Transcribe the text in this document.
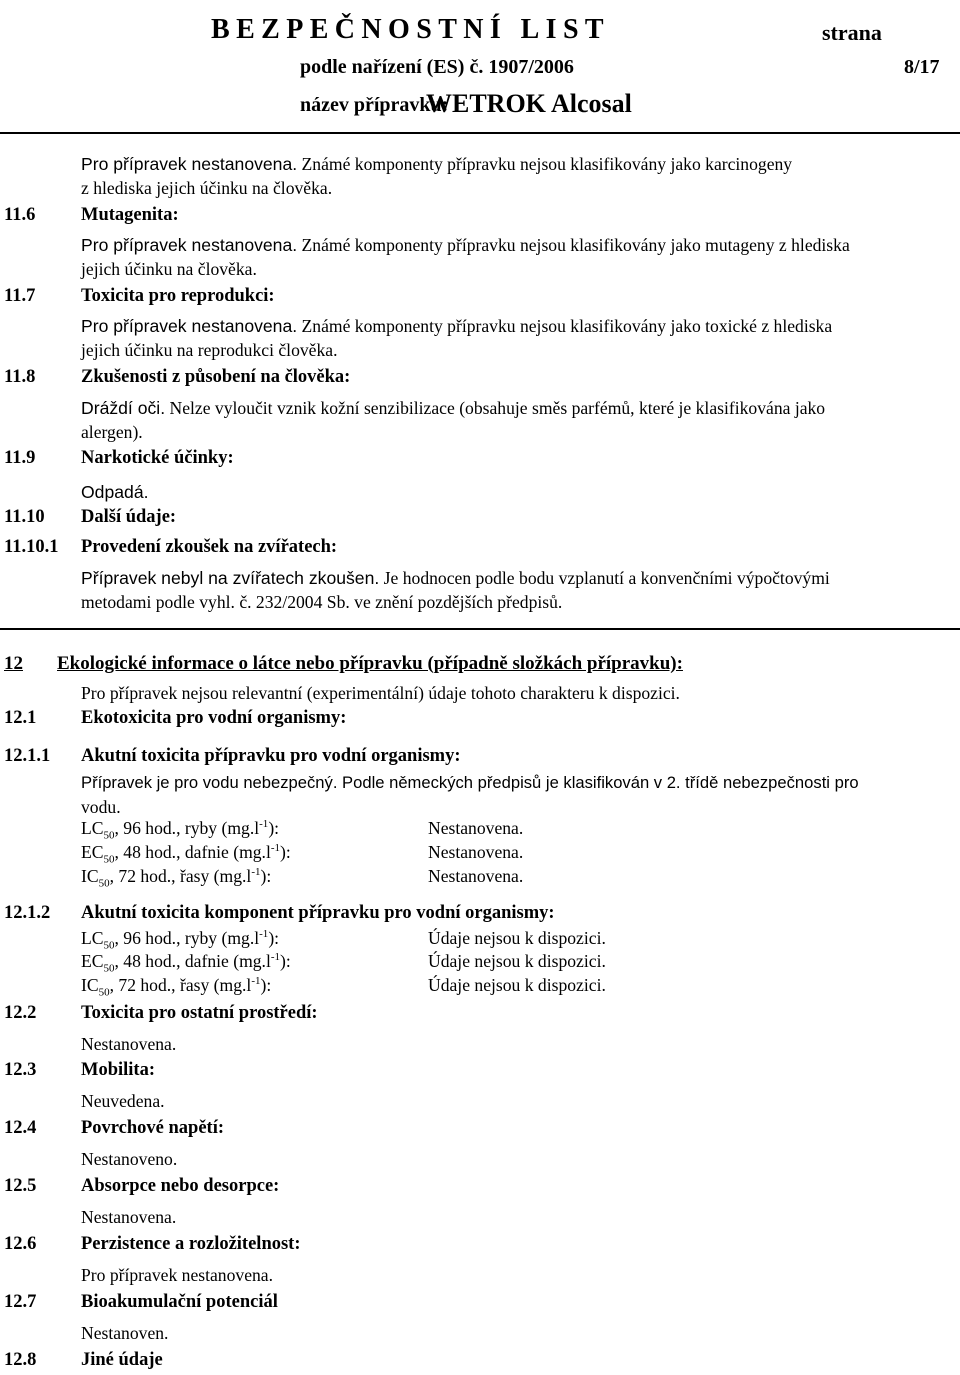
BEZPEČNOSTNÍ LIST	strana
podle nařízení (ES) č. 1907/2006	8/17
název přípravku:
WETROK Alcosal
Pro přípravek nestanovena. Známé komponenty přípravku nejsou klasifikovány jako karcinogeny
z hlediska jejich účinku na člověka.
11.6 Mutagenita:
Pro přípravek nestanovena. Známé komponenty přípravku nejsou klasifikovány jako mutageny z hlediska
jejich účinku na člověka.
11.7 Toxicita pro reprodukci:
Pro přípravek nestanovena. Známé komponenty přípravku nejsou klasifikovány jako toxické z hlediska
jejich účinku na reprodukci člověka.
11.8 Zkušenosti z působení na člověka:
Dráždí oči. Nelze vyloučit vznik kožní senzibilizace (obsahuje směs parfémů, které je klasifikována jako
alergen).
11.9 Narkotické účinky:
Odpadá.
11.10 Další údaje:
11.10.1 Provedení zkoušek na zvířatech:
Přípravek nebyl na zvířatech zkoušen. Je hodnocen podle bodu vzplanutí a konvenčními výpočtovými
metodami podle vyhl. č. 232/2004 Sb. ve znění pozdějších předpisů.
12 Ekologické informace o látce nebo přípravku (případně složkách přípravku):
Pro přípravek nejsou relevantní (experimentální) údaje tohoto charakteru k dispozici.
12.1 Ekotoxicita pro vodní organismy:
12.1.1 Akutní toxicita přípravku pro vodní organismy:
Přípravek je pro vodu nebezpečný. Podle německých předpisů je klasifikován v 2. třídě nebezpečnosti pro
vodu.
$LC_{50}$, 96 hod., ryby $(mg.l^{-1})$:	Nestanovena.
$EC_{50}$, 48 hod., dafnie $(mg.l^{-1})$:	Nestanovena.
$IC_{50}$, 72 hod., řasy $(mg.l^{-1})$:	Nestanovena.
12.1.2 Akutní toxicita komponent přípravku pro vodní organismy:
$LC_{50}$, 96 hod., ryby $(mg.l^{-1})$:	Údaje nejsou k dispozici.
$EC_{50}$, 48 hod., dafnie $(mg.l^{-1})$:	Údaje nejsou k dispozici.
$IC_{50}$, 72 hod., řasy $(mg.l^{-1})$:	Údaje nejsou k dispozici.
12.2 Toxicita pro ostatní prostředí:
Nestanovena.
12.3 Mobilita:
Neuvedena.
12.4 Povrchové napětí:
Nestanoveno.
12.5 Absorpce nebo desorpce:
Nestanovena.
12.6 Perzistence a rozložitelnost:
Pro přípravek nestanovena.
12.7 Bioakumulační potenciál
Nestanoven.
12.8 Jiné údaje
